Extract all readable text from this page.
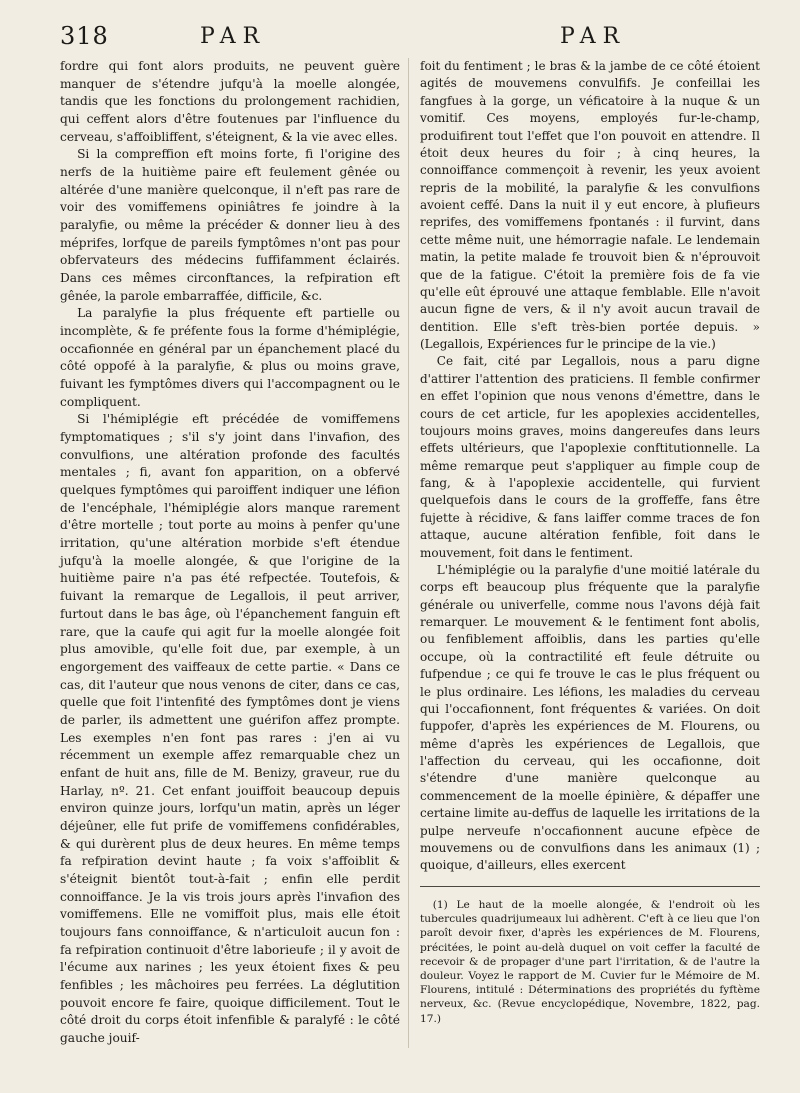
318	PAR	PAR

fordre qui font alors produits, ne peuvent guère manquer de s'étendre jufqu'à la moelle alongée, tandis que les fonctions du prolongement rachidien, qui ceffent alors d'être foutenues par l'influence du cerveau, s'affoibliffent, s'éteignent, & la vie avec elles.

Si la compreffion eft moins forte, fi l'origine des nerfs de la huitième paire eft feulement gênée ou altérée d'une manière quelconque, il n'eft pas rare de voir des vomiffemens opiniâtres fe joindre à la paralyfie, ou même la précéder & donner lieu à des méprifes, lorfque de pareils fymptômes n'ont pas pour obfervateurs des médecins fuffifamment éclairés. Dans ces mêmes circonftances, la refpiration eft gênée, la parole embarraffée, difficile, &c.

La paralyfie la plus fréquente eft partielle ou incomplète, & fe préfente fous la forme d'hémiplégie, occafionnée en général par un épanchement placé du côté oppofé à la paralyfie, & plus ou moins grave, fuivant les fymptômes divers qui l'accompagnent ou le compliquent.

Si l'hémiplégie eft précédée de vomiffemens fymptomatiques ; s'il s'y joint dans l'invafion, des convulfions, une altération profonde des facultés mentales ; fi, avant fon apparition, on a obfervé quelques fymptômes qui paroiffent indiquer une léfion de l'encéphale, l'hémiplégie alors manque rarement d'être mortelle ; tout porte au moins à penfer qu'une irritation, qu'une altération morbide s'eft étendue jufqu'à la moelle alongée, & que l'origine de la huitième paire n'a pas été refpectée. Toutefois, & fuivant la remarque de Legallois, il peut arriver, furtout dans le bas âge, où l'épanchement fanguin eft rare, que la caufe qui agit fur la moelle alongée foit plus amovible, qu'elle foit due, par exemple, à un engorgement des vaiffeaux de cette partie. « Dans ce cas, dit l'auteur que nous venons de citer, dans ce cas, quelle que foit l'intenfité des fymptômes dont je viens de parler, ils admettent une guérifon affez prompte. Les exemples n'en font pas rares : j'en ai vu récemment un exemple affez remarquable chez un enfant de huit ans, fille de M. Benizy, graveur, rue du Harlay, nº. 21. Cet enfant jouiffoit beaucoup depuis environ quinze jours, lorfqu'un matin, après un léger déjeûner, elle fut prife de vomiffemens confidérables, & qui durèrent plus de deux heures. En même temps fa refpiration devint haute ; fa voix s'affoiblit & s'éteignit bientôt tout-à-fait ; enfin elle perdit connoiffance. Je la vis trois jours après l'invafion des vomiffemens. Elle ne vomiffoit plus, mais elle étoit toujours fans connoiffance, & n'articuloit aucun fon : fa refpiration continuoit d'être laborieufe ; il y avoit de l'écume aux narines ; les yeux étoient fixes & peu fenfibles ; les mâchoires peu ferrées. La déglutition pouvoit encore fe faire, quoique difficilement. Tout le côté droit du corps étoit infenfible & paralyfé : le côté gauche jouif-

foit du fentiment ; le bras & la jambe de ce côté étoient agités de mouvemens convulfifs. Je confeillai les fangfues à la gorge, un véficatoire à la nuque & un vomitif. Ces moyens, employés fur-le-champ, produifirent tout l'effet que l'on pouvoit en attendre. Il étoit deux heures du foir ; à cinq heures, la connoiffance commençoit à revenir, les yeux avoient repris de la mobilité, la paralyfie & les convulfions avoient ceffé. Dans la nuit il y eut encore, à plufieurs reprifes, des vomiffemens fpontanés : il furvint, dans cette même nuit, une hémorragie nafale. Le lendemain matin, la petite malade fe trouvoit bien & n'éprouvoit que de la fatigue. C'étoit la première fois de fa vie qu'elle eût éprouvé une attaque femblable. Elle n'avoit aucun figne de vers, & il n'y avoit aucun travail de dentition. Elle s'eft très-bien portée depuis. » (Legallois, Expériences fur le principe de la vie.)

Ce fait, cité par Legallois, nous a paru digne d'attirer l'attention des praticiens. Il femble confirmer en effet l'opinion que nous venons d'émettre, dans le cours de cet article, fur les apoplexies accidentelles, toujours moins graves, moins dangereufes dans leurs effets ultérieurs, que l'apoplexie conftitutionnelle. La même remarque peut s'appliquer au fimple coup de fang, & à l'apoplexie accidentelle, qui furvient quelquefois dans le cours de la groffeffe, fans être fujette à récidive, & fans laiffer comme traces de fon attaque, aucune altération fenfible, foit dans le mouvement, foit dans le fentiment.

L'hémiplégie ou la paralyfie d'une moitié latérale du corps eft beaucoup plus fréquente que la paralyfie générale ou univerfelle, comme nous l'avons déjà fait remarquer. Le mouvement & le fentiment font abolis, ou fenfiblement affoiblis, dans les parties qu'elle occupe, où la contractilité eft feule détruite ou fufpendue ; ce qui fe trouve le cas le plus fréquent ou le plus ordinaire. Les léfions, les maladies du cerveau qui l'occafionnent, font fréquentes & variées. On doit fuppofer, d'après les expériences de M. Flourens, ou même d'après les expériences de Legallois, que l'affection du cerveau, qui les occafionne, doit s'étendre d'une manière quelconque au commencement de la moelle épinière, & dépaffer une certaine limite au-deffus de laquelle les irritations de la pulpe nerveufe n'occafionnent aucune efpèce de mouvemens ou de convulfions dans les animaux (1) ; quoique, d'ailleurs, elles exercent

(1) Le haut de la moelle alongée, & l'endroit où les tubercules quadrijumeaux lui adhèrent. C'eft à ce lieu que l'on paroît devoir fixer, d'après les expériences de M. Flourens, précitées, le point au-delà duquel on voit ceffer la faculté de recevoir & de propager d'une part l'irritation, & de l'autre la douleur. Voyez le rapport de M. Cuvier fur le Mémoire de M. Flourens, intitulé : Déterminations des propriétés du fyftème nerveux, &c. (Revue encyclopédique, Novembre, 1822, pag. 17.)
